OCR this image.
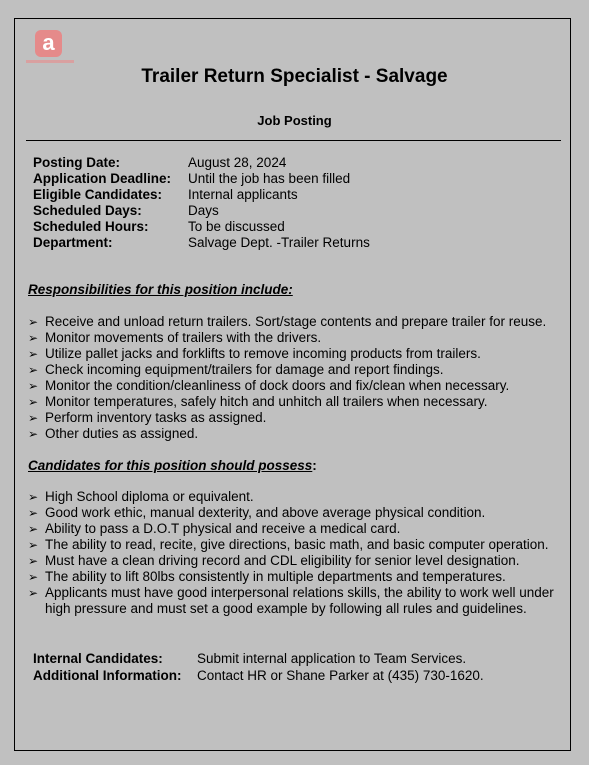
a
Trailer Return Specialist - Salvage
Job Posting
Posting Date:	August 28, 2024
Application Deadline: Until the job has been filled
Eligible Candidates: Internal applicants
Scheduled Days:	Days
Scheduled Hours:	To be discussed
Department:	Salvage Dept. -Trailer Returns
Responsibilities for this position include:
➢ Receive and unload return trailers. Sort/stage contents and prepare trailer for reuse.
➢ Monitor movements of trailers with the drivers.
➢ Utilize pallet jacks and forklifts to remove incoming products from trailers.
➢ Check incoming equipment/trailers for damage and report findings.
➢ Monitor the condition/cleanliness of dock doors and fix/clean when necessary.
➢ Monitor temperatures, safely hitch and unhitch all trailers when necessary.
➢ Perform inventory tasks as assigned.
➢ Other duties as assigned.
Candidates for this position should possess:
➢ High School diploma or equivalent.
➢ Good work ethic, manual dexterity, and above average physical condition.
➢ Ability to pass a D.O.T physical and receive a medical card.
➢ The ability to read, recite, give directions, basic math, and basic computer operation.
➢ Must have a clean driving record and CDL eligibility for senior level designation.
➢ The ability to lift 80lbs consistently in multiple departments and temperatures.
➢ Applicants must have good interpersonal relations skills, the ability to work well under high pressure and must set a good example by following all rules and guidelines.
Internal Candidates:	Submit internal application to Team Services.
Additional Information: Contact HR or Shane Parker at (435) 730-1620.
